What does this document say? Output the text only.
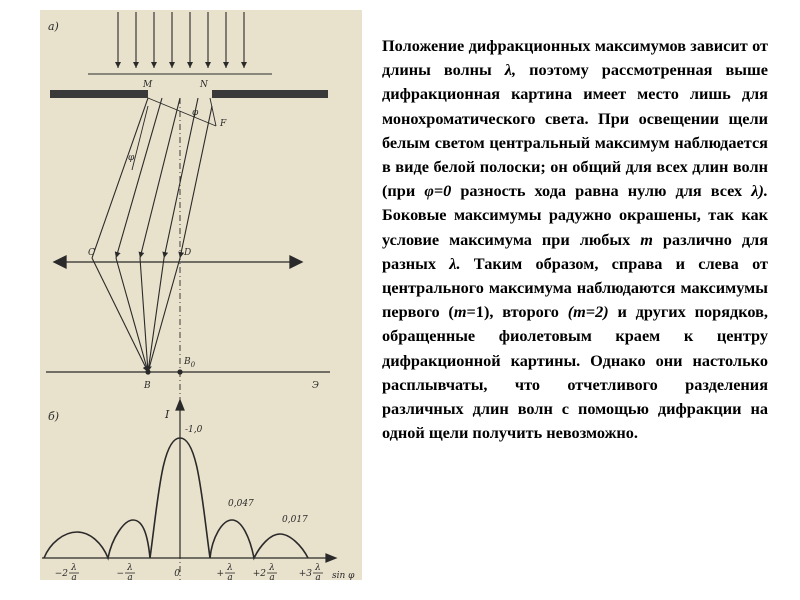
а)
M	N
F
φ
φ
C	D
B
$B_0$
Э
б)	I
sin φ
-1,0
0,047
0,017
−2
λ
a	−
λ
a	0	+
λ
a +2
λ
a	+3
λ
a
Положение дифракционных максимумов зависит от длины волны λ, поэтому рассмотренная выше дифракционная картина имеет место лишь для монохроматического света. При освещении щели белым светом центральный максимум наблюдается в виде белой полоски; он общий для всех длин волн (при φ=0 разность хода равна нулю для всех λ). Боковые максимумы радужно окрашены, так как условие максимума при любых m различно для разных λ. Таким образом, справа и слева от центрального максимума наблюдаются максимумы первого (m=1), второго (m=2) и других порядков, обращенные фиолетовым краем к центру дифракционной картины. Однако они настолько расплывчаты, что отчетливого разделения различных длин волн с помощью дифракции на одной щели получить невозможно.
